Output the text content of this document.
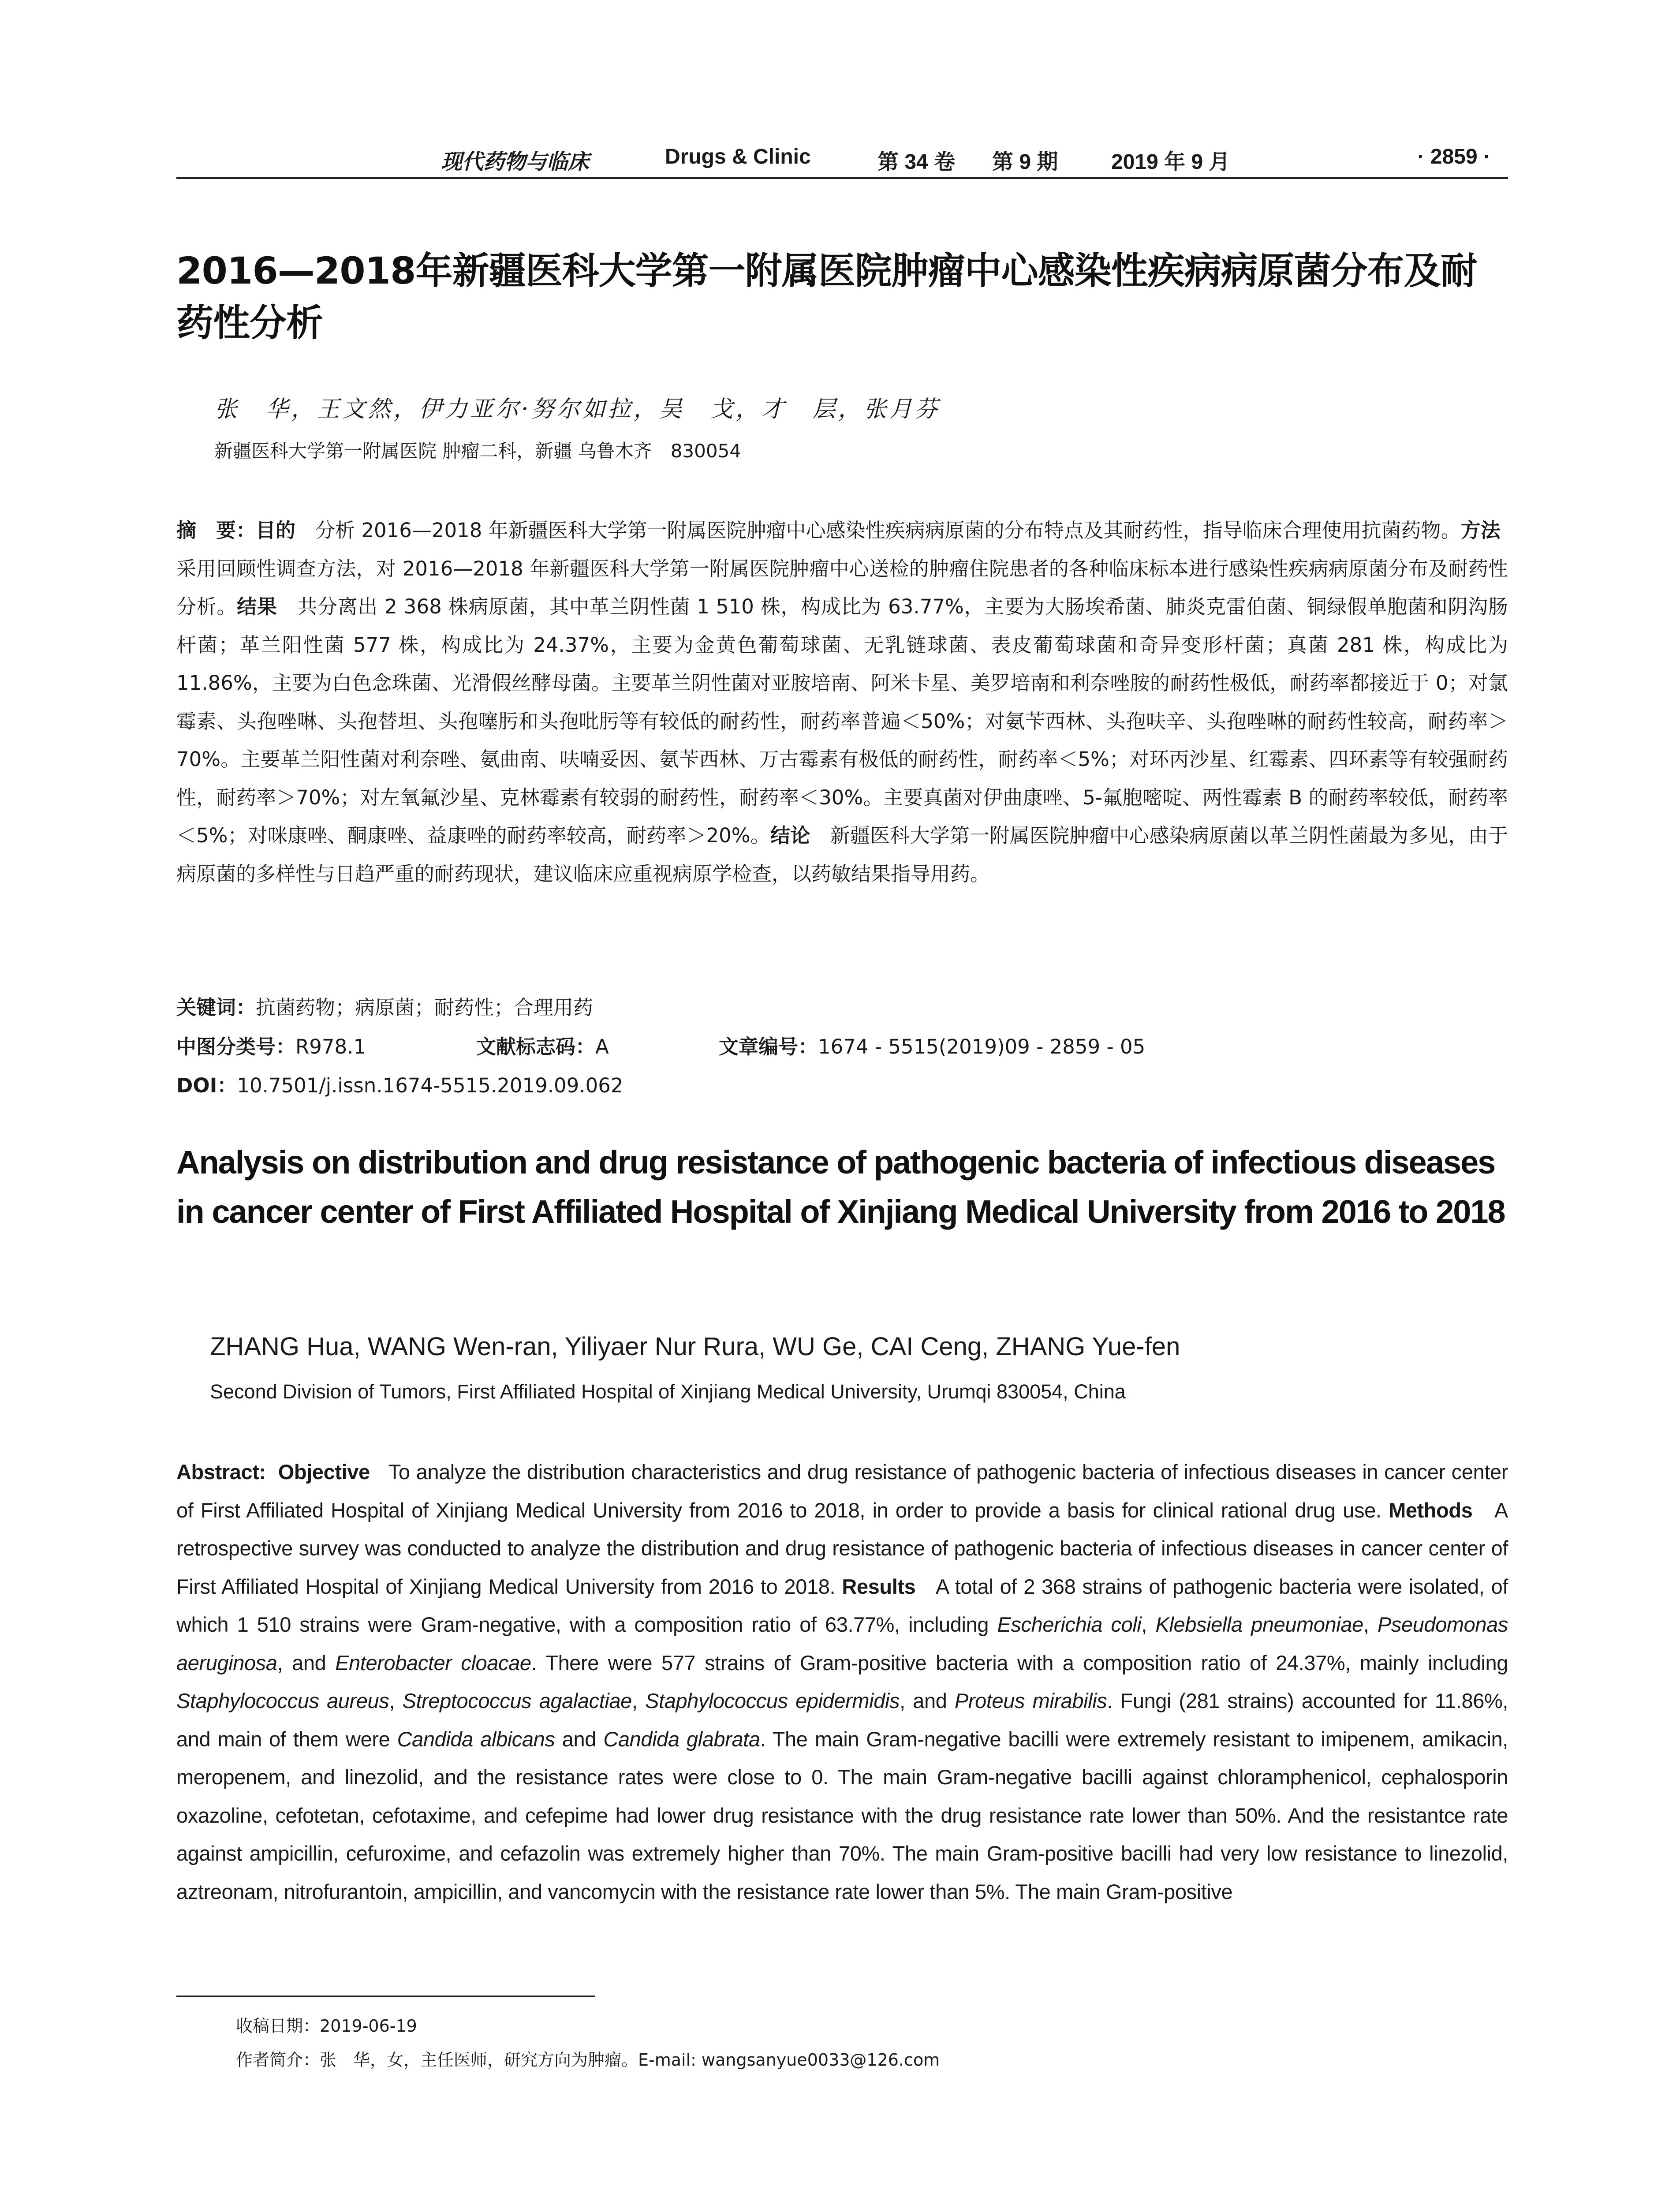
现代药物与临床	Drugs & Clinic	第 34 卷 第 9 期	2019 年 9 月	· 2859 ·
2016—2018年新疆医科大学第一附属医院肿瘤中心感染性疾病病原菌分布及耐药性分析

张　华，王文然，伊力亚尔·努尔如拉，吴　戈，才　层，张月芬

新疆医科大学第一附属医院 肿瘤二科，新疆 乌鲁木齐　830054

摘　要：目的　分析 2016—2018 年新疆医科大学第一附属医院肿瘤中心感染性疾病病原菌的分布特点及其耐药性，指导临床合理使用抗菌药物。方法　采用回顾性调查方法，对 2016—2018 年新疆医科大学第一附属医院肿瘤中心送检的肿瘤住院患者的各种临床标本进行感染性疾病病原菌分布及耐药性分析。结果　共分离出 2 368 株病原菌，其中革兰阴性菌 1 510 株，构成比为 63.77%，主要为大肠埃希菌、肺炎克雷伯菌、铜绿假单胞菌和阴沟肠杆菌；革兰阳性菌 577 株，构成比为 24.37%，主要为金黄色葡萄球菌、无乳链球菌、表皮葡萄球菌和奇异变形杆菌；真菌 281 株，构成比为 11.86%，主要为白色念珠菌、光滑假丝酵母菌。主要革兰阴性菌对亚胺培南、阿米卡星、美罗培南和利奈唑胺的耐药性极低，耐药率都接近于 0；对氯霉素、头孢唑啉、头孢替坦、头孢噻肟和头孢吡肟等有较低的耐药性，耐药率普遍＜50%；对氨苄西林、头孢呋辛、头孢唑啉的耐药性较高，耐药率＞70%。主要革兰阳性菌对利奈唑、氨曲南、呋喃妥因、氨苄西林、万古霉素有极低的耐药性，耐药率＜5%；对环丙沙星、红霉素、四环素等有较强耐药性，耐药率＞70%；对左氧氟沙星、克林霉素有较弱的耐药性，耐药率＜30%。主要真菌对伊曲康唑、5-氟胞嘧啶、两性霉素 B 的耐药率较低，耐药率＜5%；对咪康唑、酮康唑、益康唑的耐药率较高，耐药率＞20%。结论　新疆医科大学第一附属医院肿瘤中心感染病原菌以革兰阴性菌最为多见，由于病原菌的多样性与日趋严重的耐药现状，建议临床应重视病原学检查，以药敏结果指导用药。

关键词：抗菌药物；病原菌；耐药性；合理用药

中图分类号：R978.1	文献标志码：A	文章编号：1674 - 5515(2019)09 - 2859 - 05

DOI：10.7501/j.issn.1674-5515.2019.09.062

Analysis on distribution and drug resistance of pathogenic bacteria of infectious diseases in cancer center of First Affiliated Hospital of Xinjiang Medical University from 2016 to 2018

ZHANG Hua, WANG Wen-ran, Yiliyaer Nur Rura, WU Ge, CAI Ceng, ZHANG Yue-fen

Second Division of Tumors, First Affiliated Hospital of Xinjiang Medical University, Urumqi 830054, China

Abstract: Objective To analyze the distribution characteristics and drug resistance of pathogenic bacteria of infectious diseases in cancer center of First Affiliated Hospital of Xinjiang Medical University from 2016 to 2018, in order to provide a basis for clinical rational drug use. Methods A retrospective survey was conducted to analyze the distribution and drug resistance of pathogenic bacteria of infectious diseases in cancer center of First Affiliated Hospital of Xinjiang Medical University from 2016 to 2018. Results A total of 2 368 strains of pathogenic bacteria were isolated, of which 1 510 strains were Gram-negative, with a composition ratio of 63.77%, including Escherichia coli, Klebsiella pneumoniae, Pseudomonas aeruginosa, and Enterobacter cloacae. There were 577 strains of Gram-positive bacteria with a composition ratio of 24.37%, mainly including Staphylococcus aureus, Streptococcus agalactiae, Staphylococcus epidermidis, and Proteus mirabilis. Fungi (281 strains) accounted for 11.86%, and main of them were Candida albicans and Candida glabrata. The main Gram-negative bacilli were extremely resistant to imipenem, amikacin, meropenem, and linezolid, and the resistance rates were close to 0. The main Gram-negative bacilli against chloramphenicol, cephalosporin oxazoline, cefotetan, cefotaxime, and cefepime had lower drug resistance with the drug resistance rate lower than 50%. And the resistantce rate against ampicillin, cefuroxime, and cefazolin was extremely higher than 70%. The main Gram-positive bacilli had very low resistance to linezolid, aztreonam, nitrofurantoin, ampicillin, and vancomycin with the resistance rate lower than 5%. The main Gram-positive

收稿日期：2019-06-19

作者简介：张　华，女，主任医师，研究方向为肿瘤。E-mail: wangsanyue0033@126.com
